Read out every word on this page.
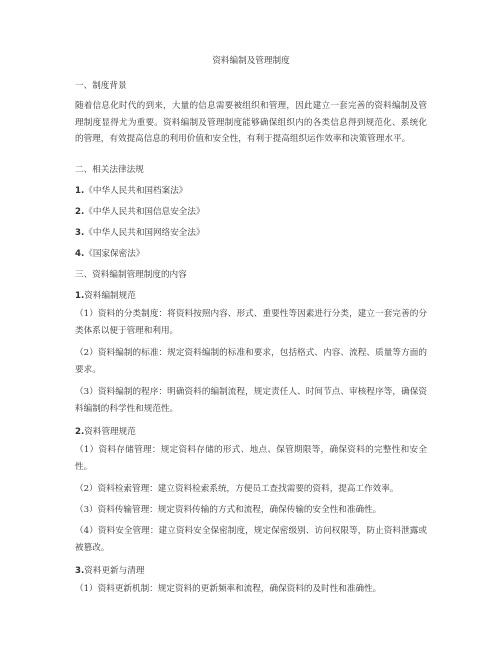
资料编制及管理制度
一、制度背景
随着信息化时代的到来，大量的信息需要被组织和管理，因此建立一套完善的资料编制及管理制度显得尤为重要。资料编制及管理制度能够确保组织内的各类信息得到规范化、系统化的管理，有效提高信息的利用价值和安全性，有利于提高组织运作效率和决策管理水平。
二、相关法律法规
1.《中华人民共和国档案法》
2.《中华人民共和国信息安全法》
3.《中华人民共和国网络安全法》
4.《国家保密法》
三、资料编制管理制度的内容
1.资料编制规范
（1）资料的分类制度：将资料按照内容、形式、重要性等因素进行分类，建立一套完善的分类体系以便于管理和利用。
（2）资料编制的标准：规定资料编制的标准和要求，包括格式、内容、流程、质量等方面的要求。
（3）资料编制的程序：明确资料的编制流程，规定责任人、时间节点、审核程序等，确保资料编制的科学性和规范性。
2.资料管理规范
（1）资料存储管理：规定资料存储的形式、地点、保管期限等，确保资料的完整性和安全性。
（2）资料检索管理：建立资料检索系统，方便员工查找需要的资料，提高工作效率。
（3）资料传输管理：规定资料传输的方式和流程，确保传输的安全性和准确性。
（4）资料安全管理：建立资料安全保密制度，规定保密级别、访问权限等，防止资料泄露或被篡改。
3.资料更新与清理
（1）资料更新机制：规定资料的更新频率和流程，确保资料的及时性和准确性。
